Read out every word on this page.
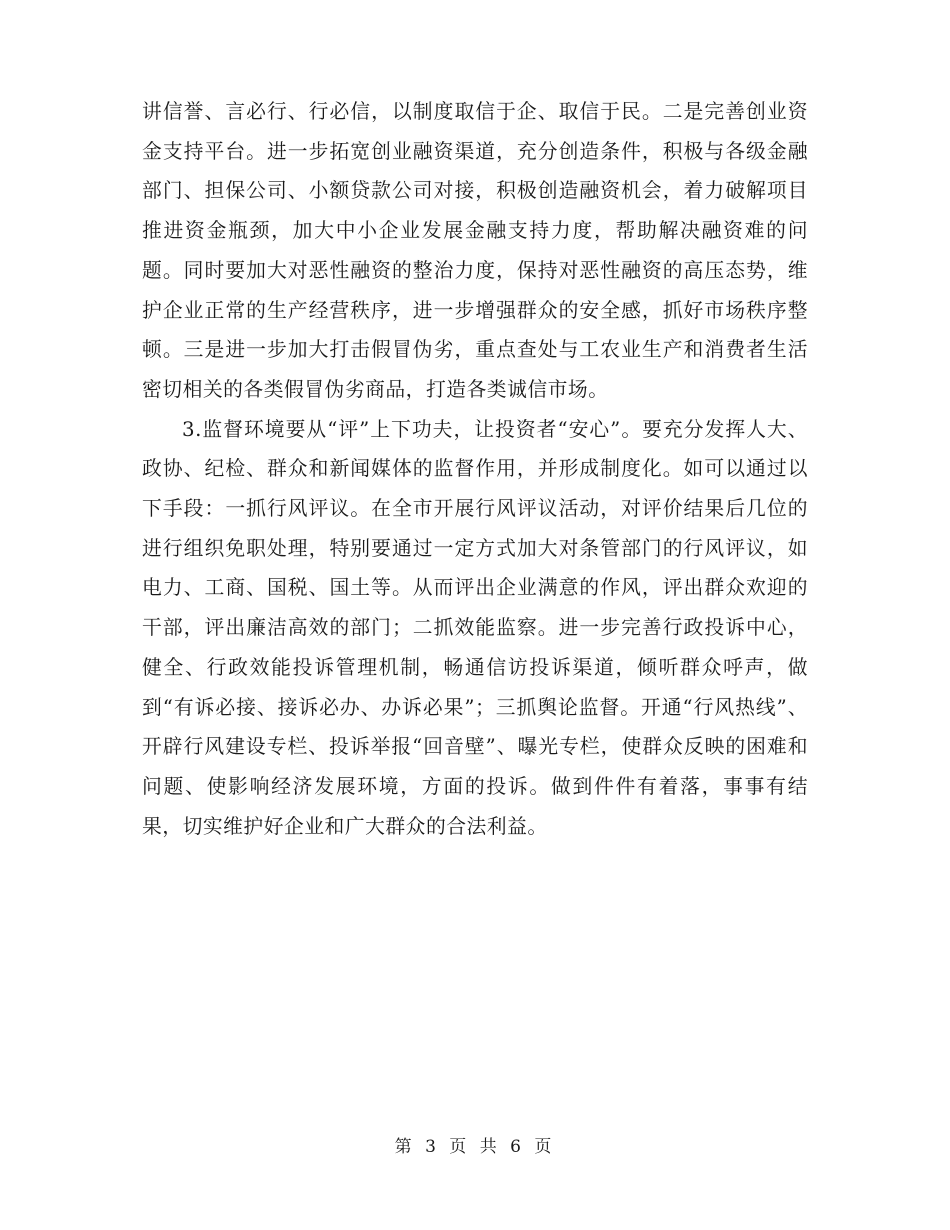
讲信誉、言必行、行必信，以制度取信于企、取信于民。二是完善创业资金支持平台。进一步拓宽创业融资渠道，充分创造条件，积极与各级金融部门、担保公司、小额贷款公司对接，积极创造融资机会，着力破解项目推进资金瓶颈，加大中小企业发展金融支持力度，帮助解决融资难的问题。同时要加大对恶性融资的整治力度，保持对恶性融资的高压态势，维护企业正常的生产经营秩序，进一步增强群众的安全感，抓好市场秩序整顿。三是进一步加大打击假冒伪劣，重点查处与工农业生产和消费者生活密切相关的各类假冒伪劣商品，打造各类诚信市场。

3.监督环境要从“评”上下功夫，让投资者“安心”。要充分发挥人大、政协、纪检、群众和新闻媒体的监督作用，并形成制度化。如可以通过以下手段：一抓行风评议。在全市开展行风评议活动，对评价结果后几位的进行组织免职处理，特别要通过一定方式加大对条管部门的行风评议，如电力、工商、国税、国土等。从而评出企业满意的作风，评出群众欢迎的干部，评出廉洁高效的部门；二抓效能监察。进一步完善行政投诉中心，健全、行政效能投诉管理机制，畅通信访投诉渠道，倾听群众呼声，做到“有诉必接、接诉必办、办诉必果”；三抓舆论监督。开通“行风热线”、开辟行风建设专栏、投诉举报“回音壁”、曝光专栏，使群众反映的困难和问题、使影响经济发展环境，方面的投诉。做到件件有着落，事事有结果，切实维护好企业和广大群众的合法利益。

第 3 页 共 6 页
